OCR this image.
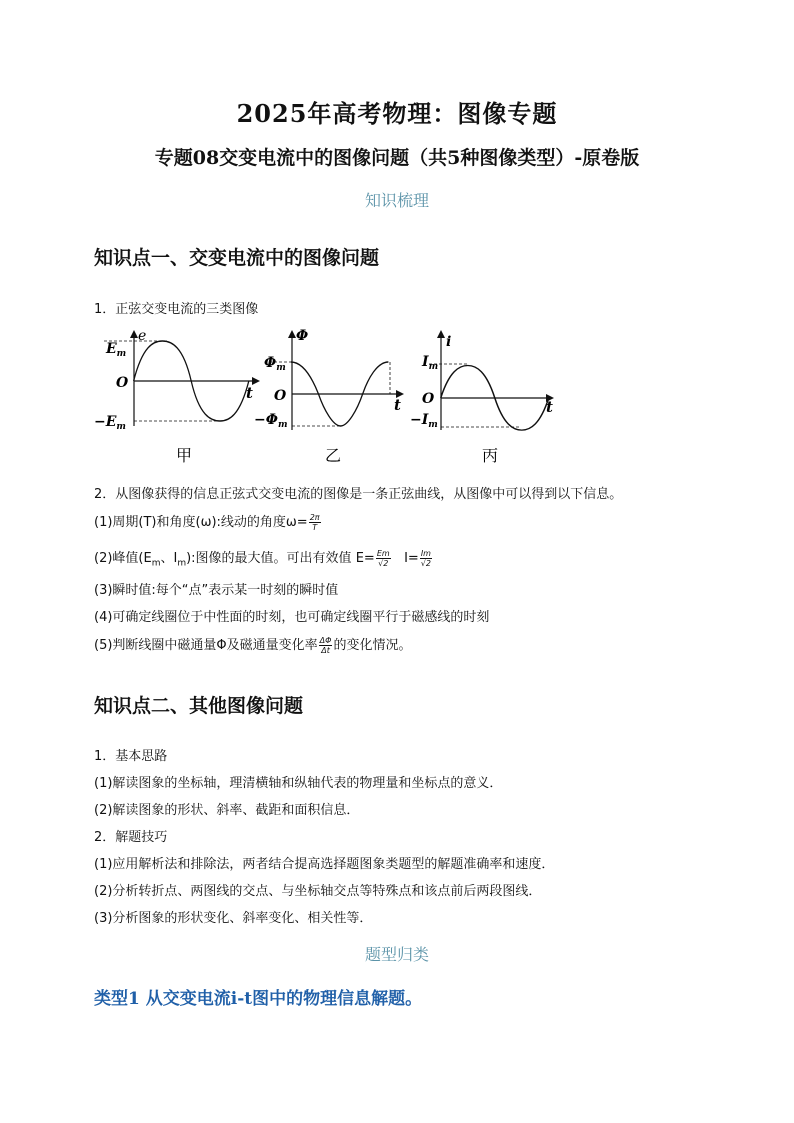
2025年高考物理：图像专题
专题08交变电流中的图像问题（共5种图像类型）-原卷版
知识梳理
知识点一、交变电流中的图像问题
1．正弦交变电流的三类图像
e
$E_m$
O
$-E_m$
t
甲
Φ
$\Phi_m$
O
$-\Phi_m$
t
乙
i
$I_m$
O
$-I_m$
t
丙
2．从图像获得的信息正弦式交变电流的图像是一条正弦曲线，从图像中可以得到以下信息。
(1)周期(T)和角度(ω):线动的角度$\omega= \frac{2\pi}{T}$
(2)峰值($E_m$、$I_m$):图像的最大值。可出有效值 $E= \frac{Em}{√2} I= \frac{Im}{√2}$
(3)瞬时值:每个“点”表示某一时刻的瞬时值
(4)可确定线圈位于中性面的时刻，也可确定线圈平行于磁感线的时刻
(5)判断线圈中磁通量Φ及磁通量变化率 $\frac{\Delta\Phi}{\Delta t}$ 的变化情况。
知识点二、其他图像问题
1．基本思路
(1)解读图象的坐标轴，理清横轴和纵轴代表的物理量和坐标点的意义．
(2)解读图象的形状、斜率、截距和面积信息．
2．解题技巧
(1)应用解析法和排除法，两者结合提高选择题图象类题型的解题准确率和速度．
(2)分析转折点、两图线的交点、与坐标轴交点等特殊点和该点前后两段图线．
(3)分析图象的形状变化、斜率变化、相关性等．
题型归类
类型1 从交变电流i-t图中的物理信息解题。
